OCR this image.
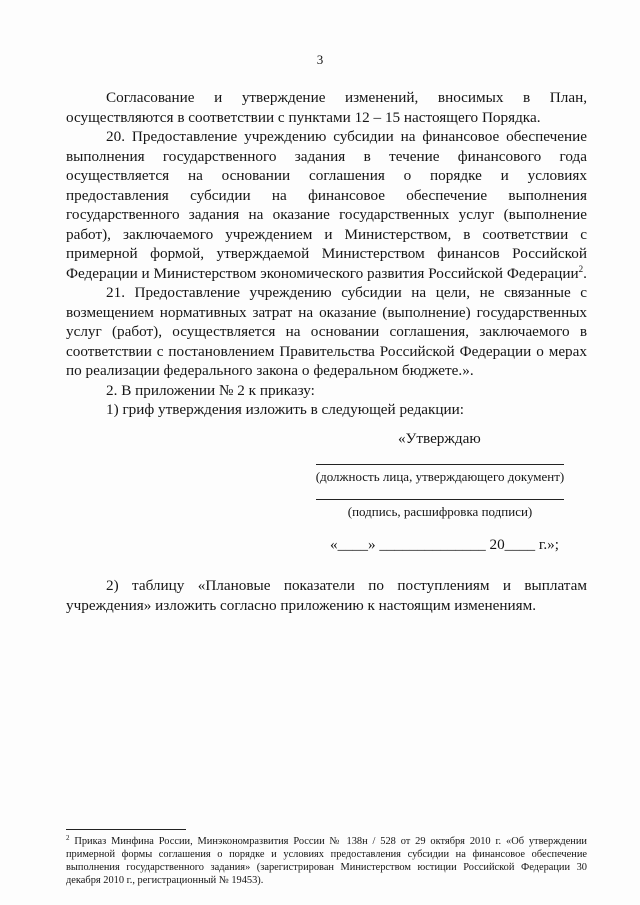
3

Согласование и утверждение изменений, вносимых в План, осуществляются в соответствии с пунктами 12 – 15 настоящего Порядка.

20. Предоставление учреждению субсидии на финансовое обеспечение выполнения государственного задания в течение финансового года осуществляется на основании соглашения о порядке и условиях предоставления субсидии на финансовое обеспечение выполнения государственного задания на оказание государственных услуг (выполнение работ), заключаемого учреждением и Министерством, в соответствии с примерной формой, утверждаемой Министерством финансов Российской Федерации и Министерством экономического развития Российской Федерации$^2$.

21. Предоставление учреждению субсидии на цели, не связанные с возмещением нормативных затрат на оказание (выполнение) государственных услуг (работ), осуществляется на основании соглашения, заключаемого в соответствии с постановлением Правительства Российской Федерации о мерах по реализации федерального закона о федеральном бюджете.».

2. В приложении № 2 к приказу:

1) гриф утверждения изложить в следующей редакции:

«Утверждаю
(должность лица, утверждающего документ)
(подпись, расшифровка подписи)
«____» ______________ 20____ г.»;

2) таблицу «Плановые показатели по поступлениям и выплатам учреждения» изложить согласно приложению к настоящим изменениям.

$^2$ Приказ Минфина России, Минэкономразвития России № 138н / 528 от 29 октября 2010 г. «Об утверждении примерной формы соглашения о порядке и условиях предоставления субсидии на финансовое обеспечение выполнения государственного задания» (зарегистрирован Министерством юстиции Российской Федерации 30 декабря 2010 г., регистрационный № 19453).
